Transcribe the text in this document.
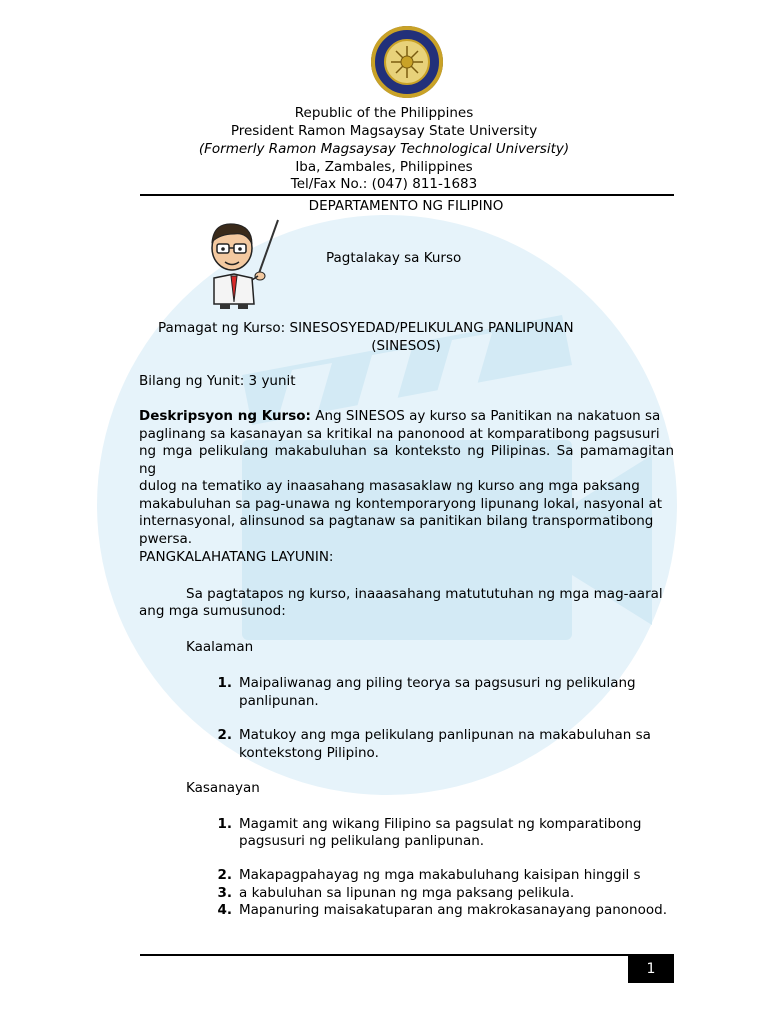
Republic of the Philippines
President Ramon Magsaysay State University
(Formerly Ramon Magsaysay Technological University)
Iba, Zambales, Philippines
Tel/Fax No.: (047) 811-1683
DEPARTAMENTO NG FILIPINO
Pagtalakay sa Kurso
Pamagat ng Kurso: SINESOSYEDAD/PELIKULANG PANLIPUNAN
(SINESOS)
Bilang ng Yunit: 3 yunit
Deskripsyon ng Kurso: Ang SINESOS ay kurso sa Panitikan na nakatuon sa
paglinang sa kasanayan sa kritikal na panonood at komparatibong pagsusuri
ng mga pelikulang makabuluhan sa konteksto ng Pilipinas. Sa pamamagitan ng
dulog na tematiko ay inaasahang masasaklaw ng kurso ang mga paksang
makabuluhan sa pag-unawa ng kontemporaryong lipunang lokal, nasyonal at
internasyonal, alinsunod sa pagtanaw sa panitikan bilang transpormatibong
pwersa.
PANGKALAHATANG LAYUNIN:
Sa pagtatapos ng kurso, inaaasahang matututuhan ng mga mag-aaral
ang mga sumusunod:
Kaalaman
1. Maipaliwanag ang piling teorya sa pagsusuri ng pelikulang
panlipunan.
2. Matukoy ang mga pelikulang panlipunan na makabuluhan sa
kontekstong Pilipino.
Kasanayan
1. Magamit ang wikang Filipino sa pagsulat ng komparatibong
pagsusuri ng pelikulang panlipunan.
2. Makapagpahayag ng mga makabuluhang kaisipan hinggil s
3. a kabuluhan sa lipunan ng mga paksang pelikula.
4. Mapanuring maisakatuparan ang makrokasanayang panonood.
1
